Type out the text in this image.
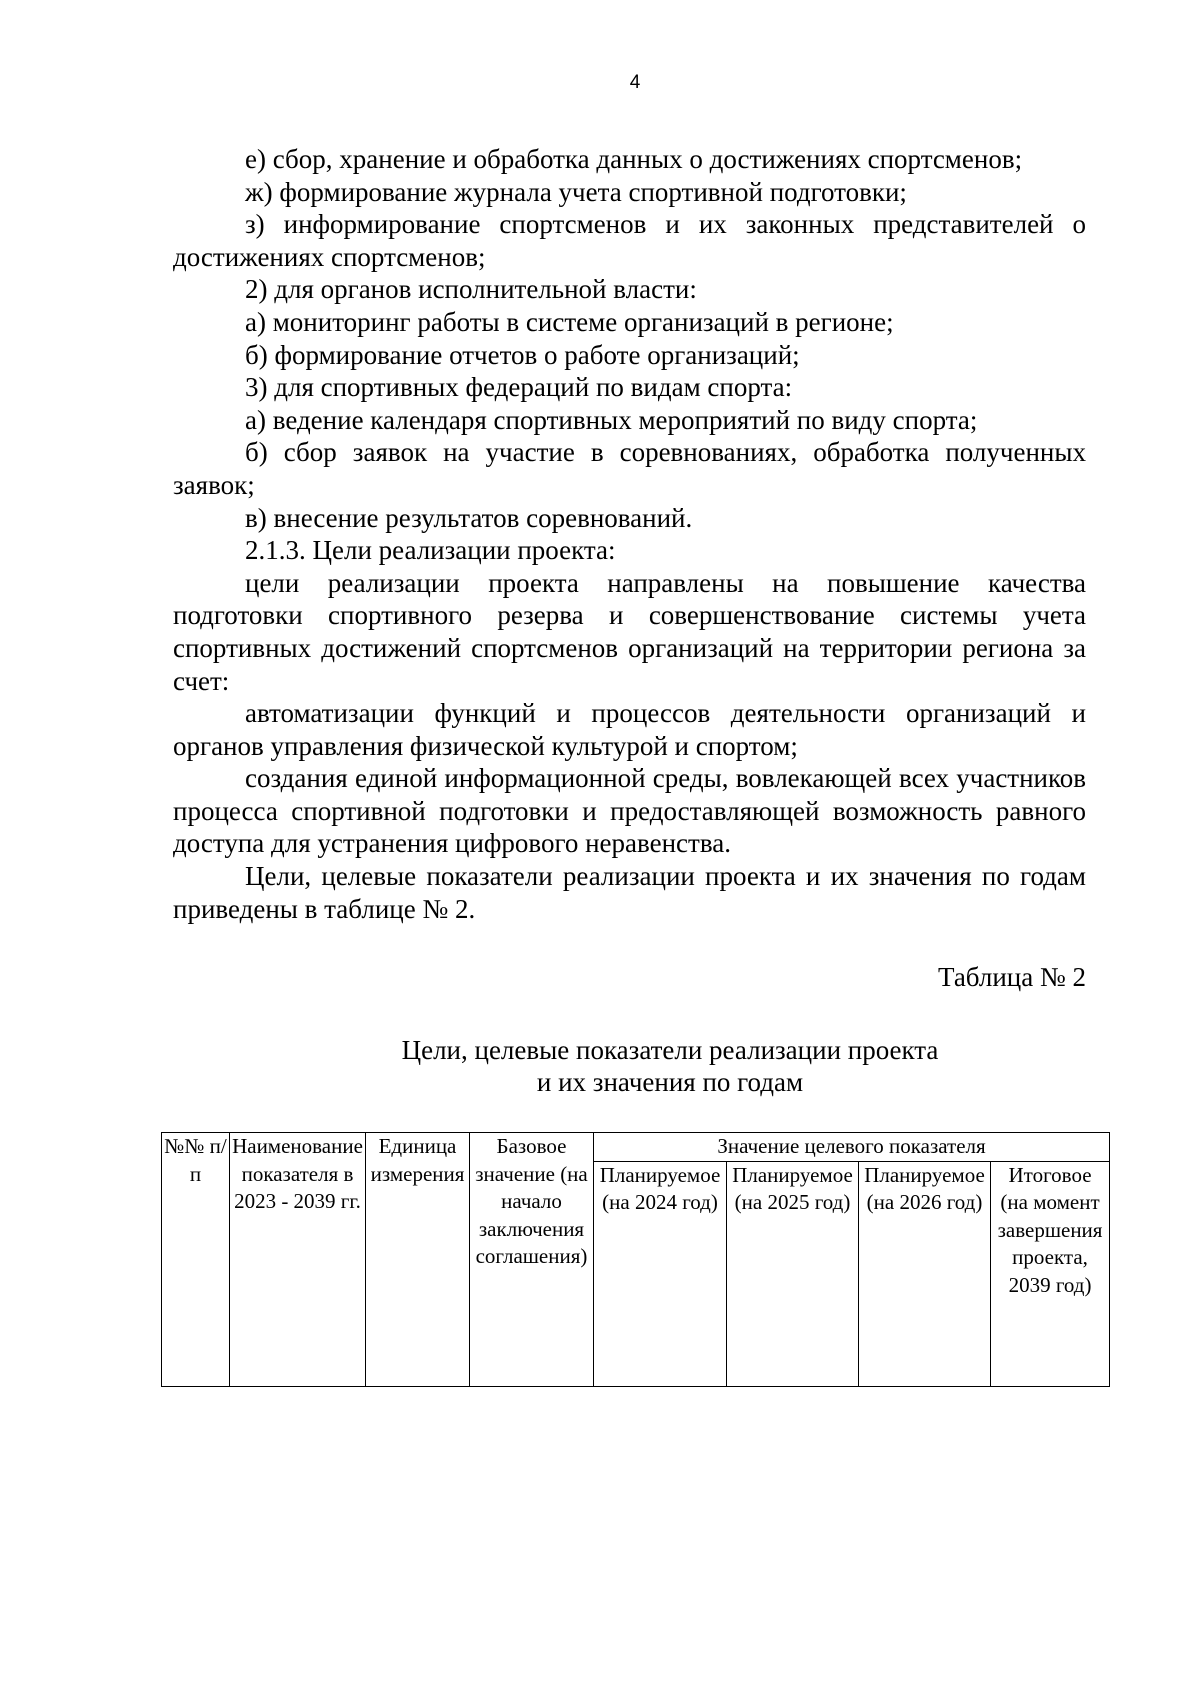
4

е) сбор, хранение и обработка данных о достижениях спортсменов;

ж) формирование журнала учета спортивной подготовки;

з) информирование спортсменов и их законных представителей о достижениях спортсменов;

2) для органов исполнительной власти:

а) мониторинг работы в системе организаций в регионе;

б) формирование отчетов о работе организаций;

3) для спортивных федераций по видам спорта:

а) ведение календаря спортивных мероприятий по виду спорта;

б) сбор заявок на участие в соревнованиях, обработка полученных заявок;

в) внесение результатов соревнований.

2.1.3. Цели реализации проекта:

цели реализации проекта направлены на повышение качества подготовки спортивного резерва и совершенствование системы учета спортивных достижений спортсменов организаций на территории региона за счет:

автоматизации функций и процессов деятельности организаций и органов управления физической культурой и спортом;

создания единой информационной среды, вовлекающей всех участников процесса спортивной подготовки и предоставляющей возможность равного доступа для устранения цифрового неравенства.

Цели, целевые показатели реализации проекта и их значения по годам приведены в таблице № 2.

Таблица № 2
Цели, целевые показатели реализации проекта
и их значения по годам
№№ п/п	Наименование показателя в 2023 - 2039 гг.	Единица измерения	Базовое значение (на начало заключения соглашения)	Значение целевого показателя			
				Планируемое (на 2024 год)	Планируемое (на 2025 год)	Планируемое (на 2026 год)	Итоговое (на момент завершения проекта, 2039 год)
